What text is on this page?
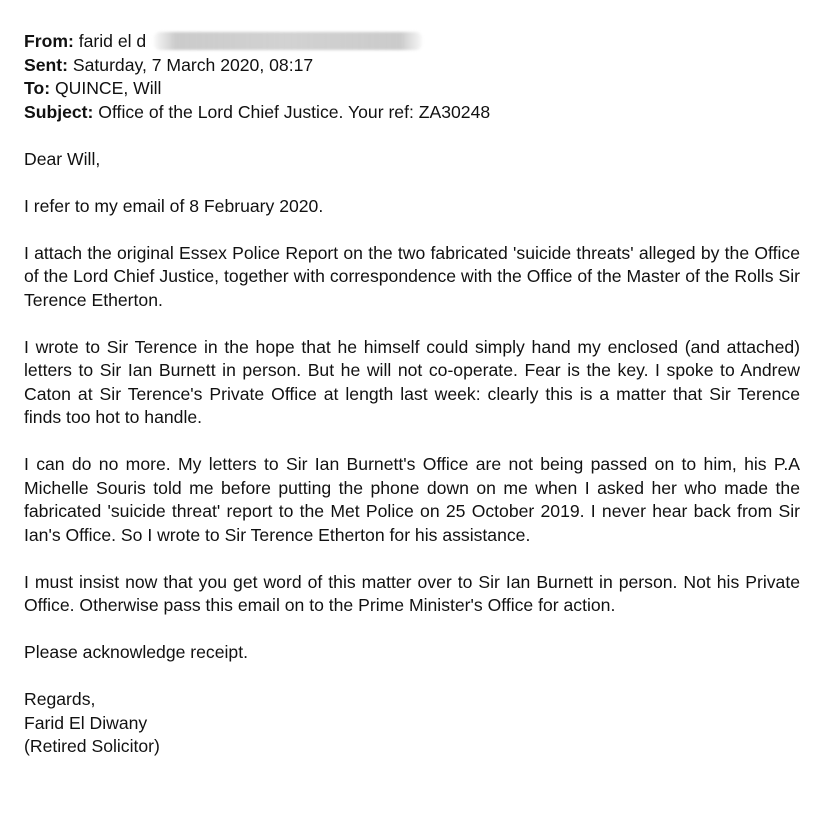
From: farid el d
Sent: Saturday, 7 March 2020, 08:17
To: QUINCE, Will
Subject: Office of the Lord Chief Justice. Your ref: ZA30248

Dear Will,

I refer to my email of 8 February 2020.

I attach the original Essex Police Report on the two fabricated 'suicide threats' alleged by the Office of the Lord Chief Justice, together with correspondence with the Office of the Master of the Rolls Sir Terence Etherton.

I wrote to Sir Terence in the hope that he himself could simply hand my enclosed (and attached) letters to Sir Ian Burnett in person. But he will not co-operate. Fear is the key. I spoke to Andrew Caton at Sir Terence's Private Office at length last week: clearly this is a matter that Sir Terence finds too hot to handle.

I can do no more. My letters to Sir Ian Burnett's Office are not being passed on to him, his P.A Michelle Souris told me before putting the phone down on me when I asked her who made the fabricated 'suicide threat' report to the Met Police on 25 October 2019. I never hear back from Sir Ian's Office. So I wrote to Sir Terence Etherton for his assistance.

I must insist now that you get word of this matter over to Sir Ian Burnett in person. Not his Private Office. Otherwise pass this email on to the Prime Minister's Office for action.

Please acknowledge receipt.

Regards,
Farid El Diwany
(Retired Solicitor)
